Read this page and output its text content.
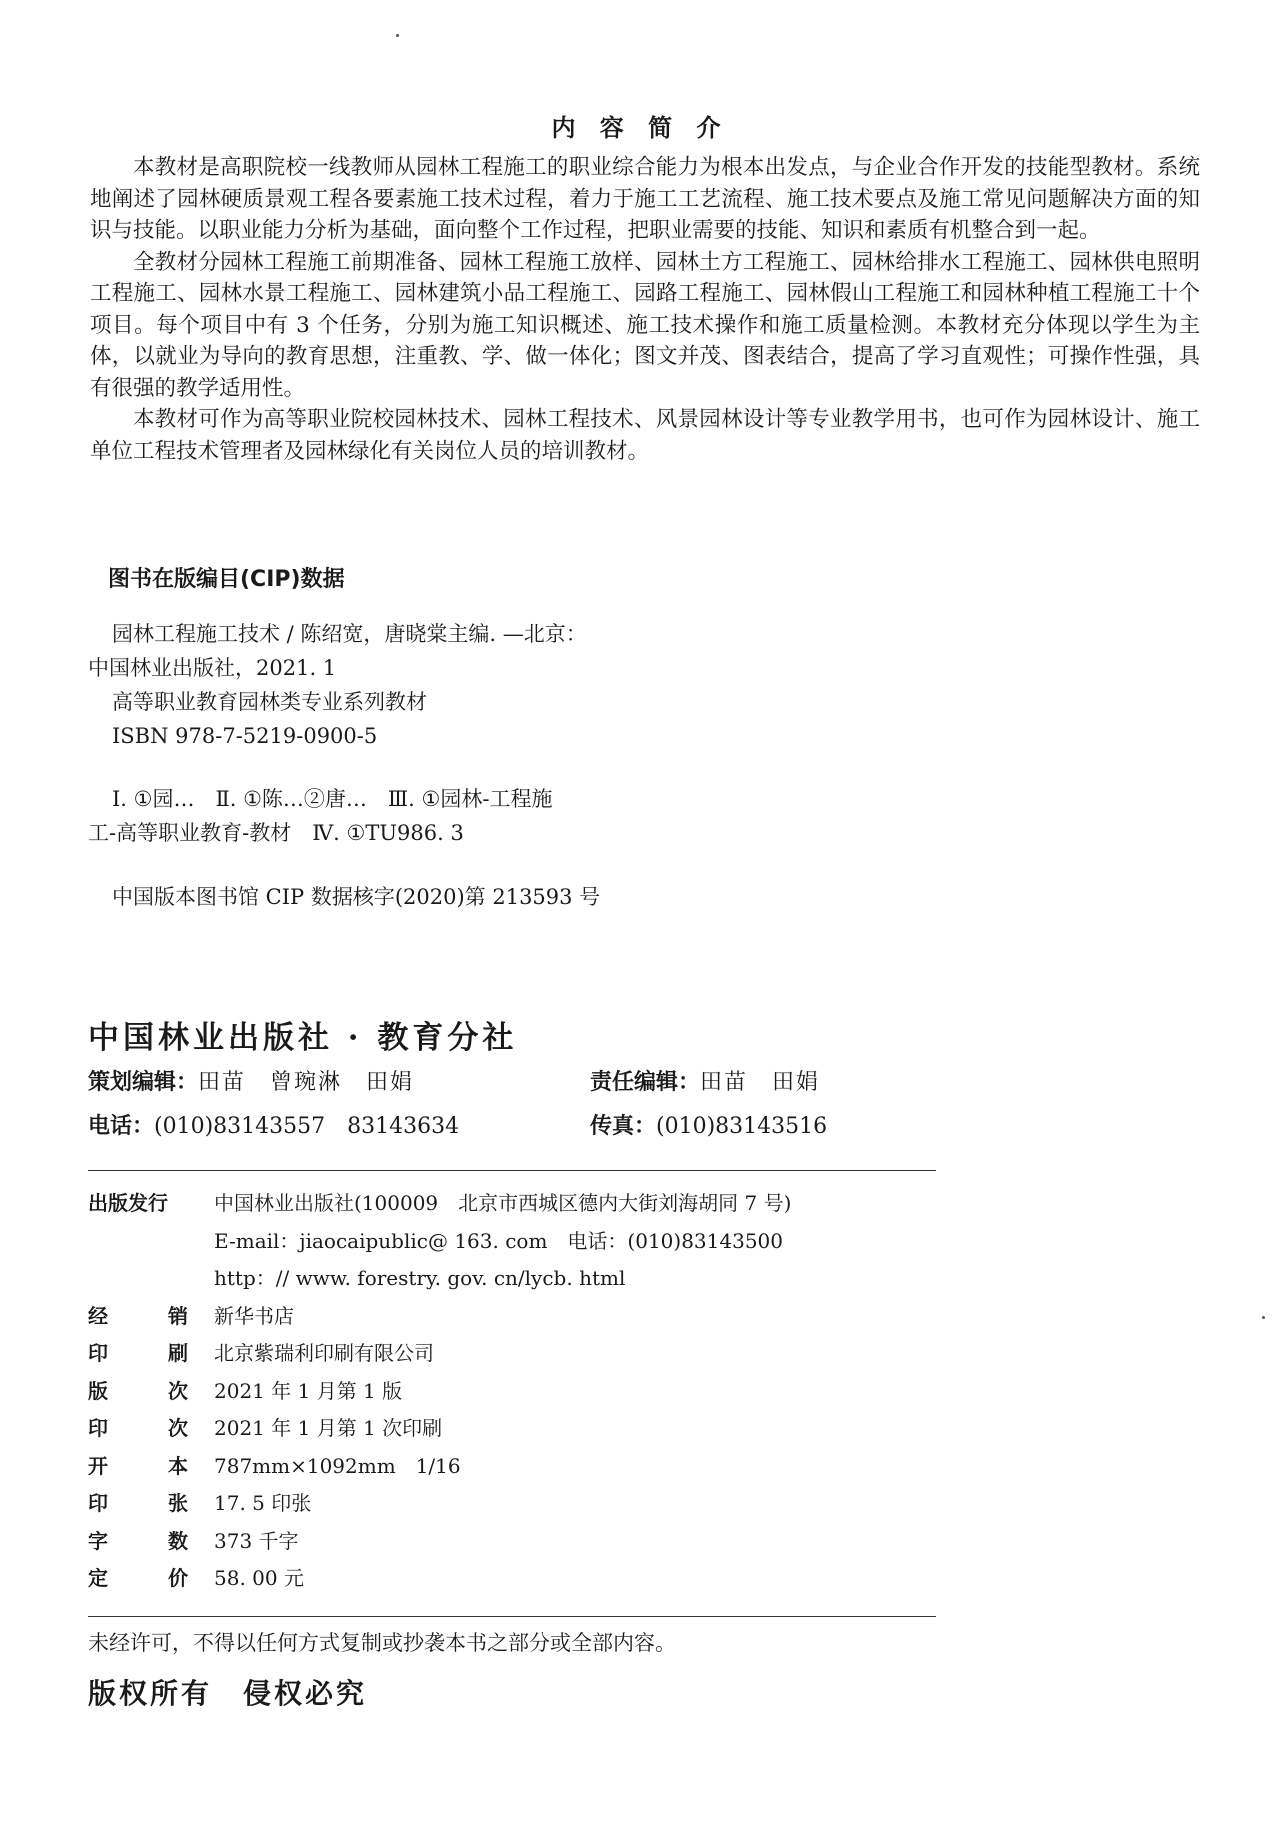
内 容 简 介

本教材是高职院校一线教师从园林工程施工的职业综合能力为根本出发点，与企业合作开发的技能型教材。系统地阐述了园林硬质景观工程各要素施工技术过程，着力于施工工艺流程、施工技术要点及施工常见问题解决方面的知识与技能。以职业能力分析为基础，面向整个工作过程，把职业需要的技能、知识和素质有机整合到一起。

全教材分园林工程施工前期准备、园林工程施工放样、园林土方工程施工、园林给排水工程施工、园林供电照明工程施工、园林水景工程施工、园林建筑小品工程施工、园路工程施工、园林假山工程施工和园林种植工程施工十个项目。每个项目中有 3 个任务，分别为施工知识概述、施工技术操作和施工质量检测。本教材充分体现以学生为主体，以就业为导向的教育思想，注重教、学、做一体化；图文并茂、图表结合，提高了学习直观性；可操作性强，具有很强的教学适用性。

本教材可作为高等职业院校园林技术、园林工程技术、风景园林设计等专业教学用书，也可作为园林设计、施工单位工程技术管理者及园林绿化有关岗位人员的培训教材。

图书在版编目(CIP)数据
园林工程施工技术 / 陈绍宽，唐晓棠主编. —北京：
中国林业出版社，2021. 1
高等职业教育园林类专业系列教材
ISBN 978-7-5219-0900-5
Ⅰ. ①园…　Ⅱ. ①陈…②唐…　Ⅲ. ①园林-工程施
工-高等职业教育-教材　Ⅳ. ①TU986. 3
中国版本图书馆 CIP 数据核字(2020)第 213593 号
中国林业出版社 · 教育分社
策划编辑：田苗　曾琬淋　田娟	责任编辑：田苗　田娟
电话：(010)83143557　83143634	传真：(010)83143516
出版发行	中国林业出版社(100009　北京市西城区德内大街刘海胡同 7 号)
E-mail：jiaocaipublic@ 163. com　电话：(010)83143500
http：// www. forestry. gov. cn/lycb. html
经	销 新华书店
印	刷 北京紫瑞利印刷有限公司
版	次 2021 年 1 月第 1 版
印	次 2021 年 1 月第 1 次印刷
开	本 787mm×1092mm　1/16
印	张 17. 5 印张
字	数 373 千字
定	价 58. 00 元
未经许可，不得以任何方式复制或抄袭本书之部分或全部内容。
版权所有　侵权必究
